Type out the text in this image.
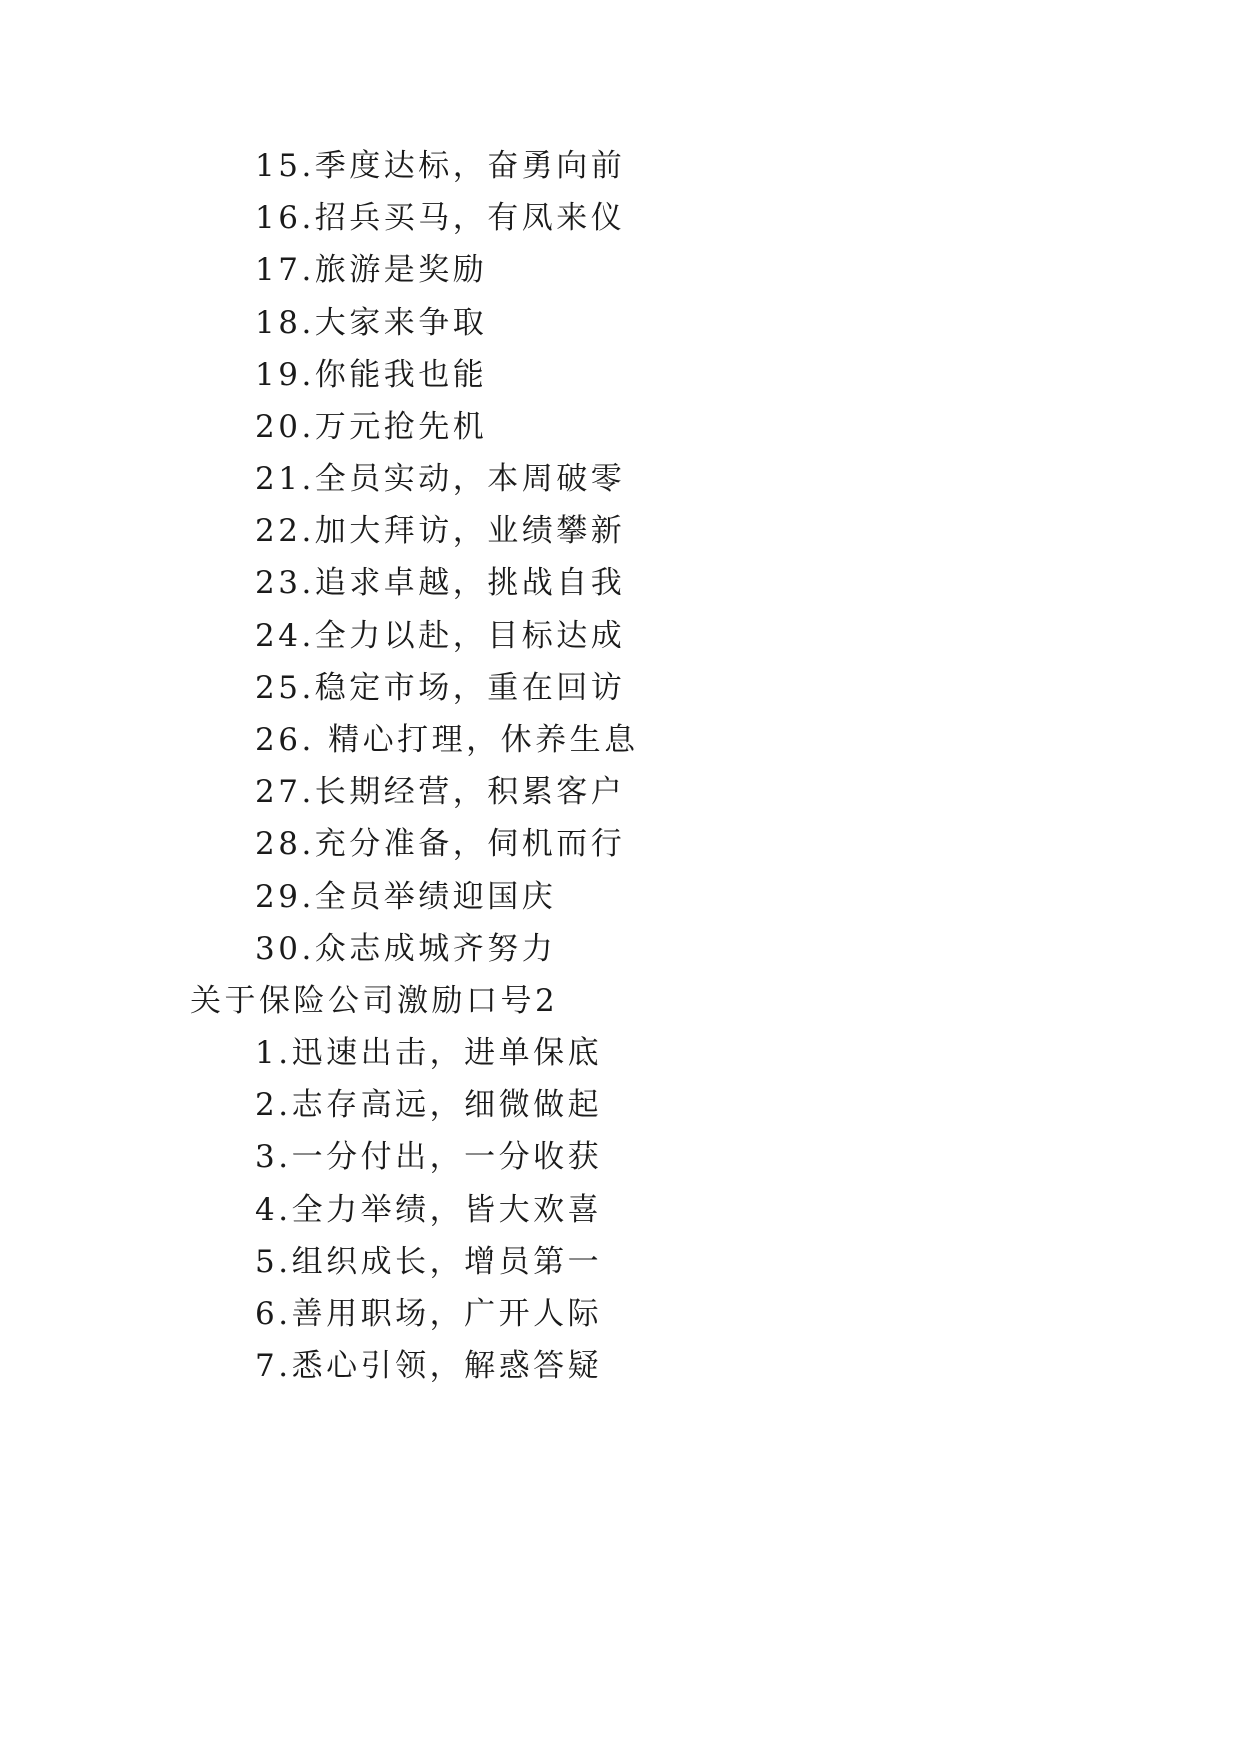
15.季度达标，奋勇向前
16.招兵买马，有凤来仪
17.旅游是奖励
18.大家来争取
19.你能我也能
20.万元抢先机
21.全员实动，本周破零
22.加大拜访，业绩攀新
23.追求卓越，挑战自我
24.全力以赴，目标达成
25.稳定市场，重在回访
26. 精心打理，休养生息
27.长期经营，积累客户
28.充分准备，伺机而行
29.全员举绩迎国庆
30.众志成城齐努力
关于保险公司激励口号2
1.迅速出击，进单保底
2.志存高远，细微做起
3.一分付出，一分收获
4.全力举绩，皆大欢喜
5.组织成长，增员第一
6.善用职场，广开人际
7.悉心引领，解惑答疑
